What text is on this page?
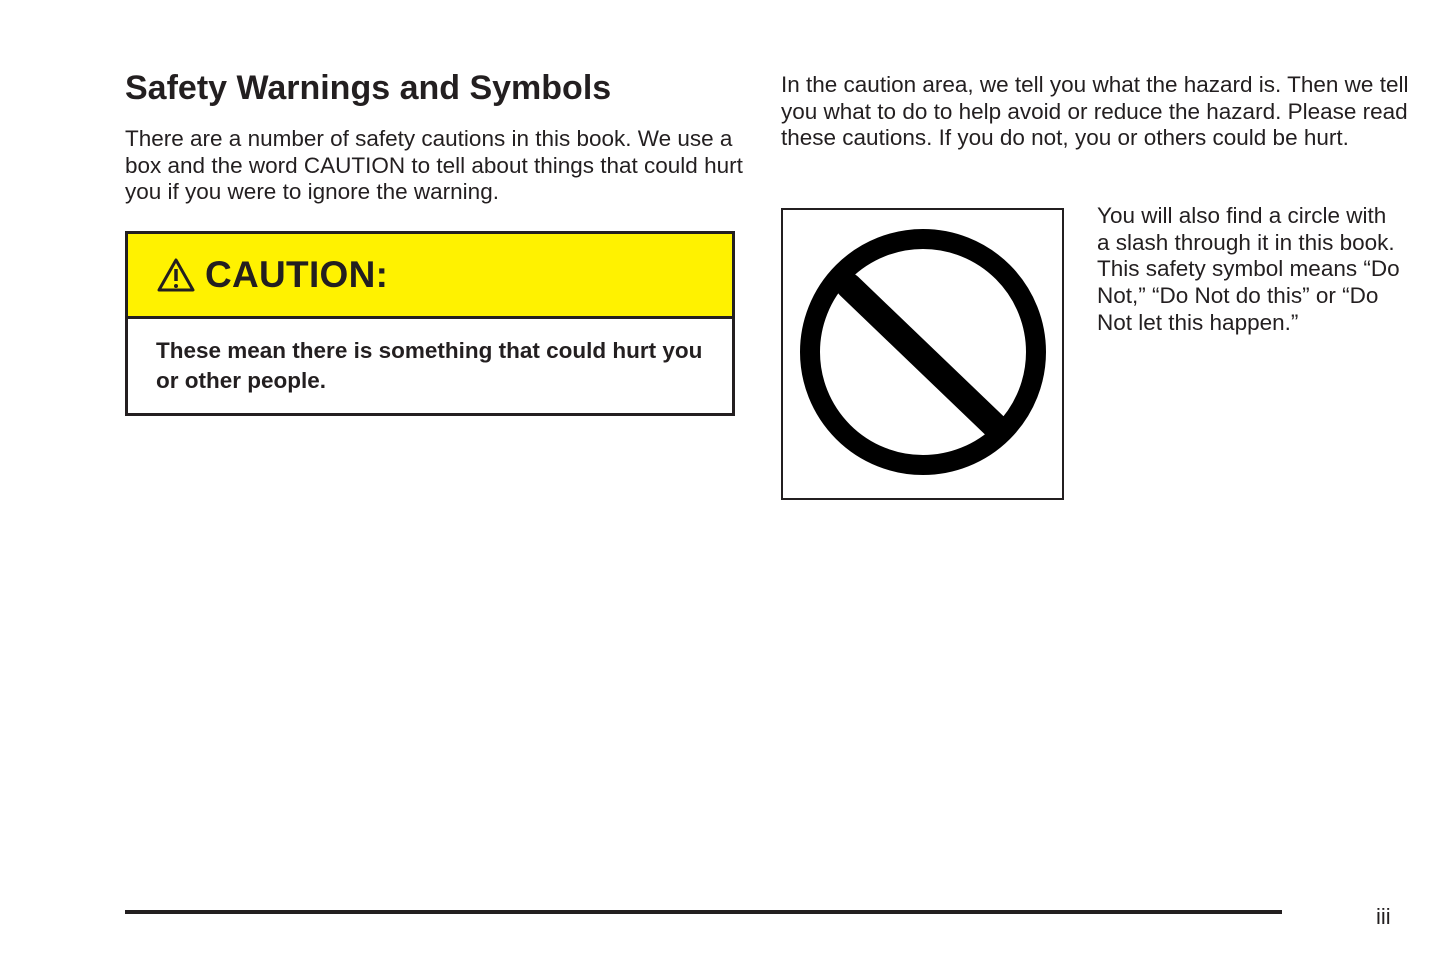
Safety Warnings and Symbols

There are a number of safety cautions in this book. We use a box and the word CAUTION to tell about things that could hurt you if you were to ignore the warning.

CAUTION:

These mean there is something that could hurt you or other people.

In the caution area, we tell you what the hazard is. Then we tell you what to do to help avoid or reduce the hazard. Please read these cautions. If you do not, you or others could be hurt.

You will also find a circle with a slash through it in this book. This safety symbol means “Do Not,” “Do Not do this” or “Do Not let this happen.”

iii
